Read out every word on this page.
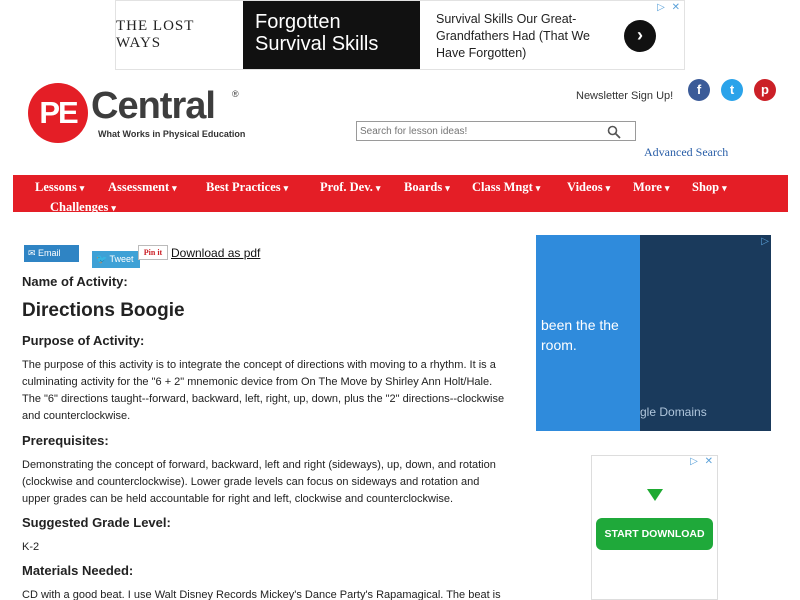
THE LOST WAYS
Forgotten Survival Skills
Survival Skills Our Great-Grandfathers Had (That We Have Forgotten)
›
▷ ✕
PE Central ®
What Works in Physical Education
Newsletter Sign Up!	f	t	p
Search for lesson ideas!
Advanced Search
Lessons ▾ Assessment ▾ Best Practices ▾	Prof. Dev. ▾ Boards ▾ Class Mngt ▾ Videos ▾ More ▾ Shop ▾
Challenges ▾
✉ Email
🐦 Tweet
Pin it Download as pdf
Name of Activity:
Directions Boogie
Purpose of Activity:
The purpose of this activity is to integrate the concept of directions with moving to a rhythm. It is a culminating activity for the "6 + 2" mnemonic device from On The Move by Shirley Ann Holt/Hale. The "6" directions taught--forward, backward, left, right, up, down, plus the "2" directions--clockwise and counterclockwise.
Prerequisites:
Demonstrating the concept of forward, backward, left and right (sideways), up, down, and rotation (clockwise and counterclockwise). Lower grade levels can focus on sideways and rotation and upper grades can be held accountable for right and left, clockwise and counterclockwise.
Suggested Grade Level:
K-2
Materials Needed:
CD with a good beat. I use Walt Disney Records Mickey's Dance Party's Rapamagical. The beat is
been the the room.
gle Domains
▷
▷ ✕
START DOWNLOAD
